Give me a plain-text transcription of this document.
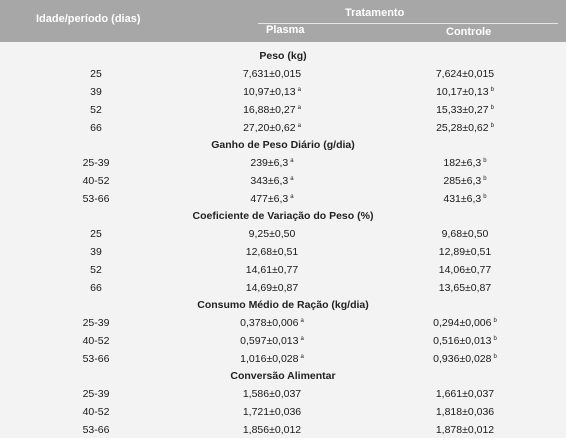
Idade/período (dias)	Tratamento
Plasma	Controle
Peso (kg)
25	7,631±0,015	7,624±0,015
39	10,97±0,13 $^a$	10,17±0,13 $^b$
52	16,88±0,27 $^a$	15,33±0,27 $^b$
66	27,20±0,62 $^a$	25,28±0,62 $^b$
Ganho de Peso Diário (g/dia)
25-39	239±6,3 $^a$	182±6,3 $^b$
40-52	343±6,3 $^a$	285±6,3 $^b$
53-66	477±6,3 $^a$	431±6,3 $^b$
Coeficiente de Variação do Peso (%)
25	9,25±0,50	9,68±0,50
39	12,68±0,51	12,89±0,51
52	14,61±0,77	14,06±0,77
66	14,69±0,87	13,65±0,87
Consumo Médio de Ração (kg/dia)
25-39	0,378±0,006 $^a$	0,294±0,006 $^b$
40-52	0,597±0,013 $^a$	0,516±0,013 $^b$
53-66	1,016±0,028 $^a$	0,936±0,028 $^b$
Conversão Alimentar
25-39	1,586±0,037	1,661±0,037
40-52	1,721±0,036	1,818±0,036
53-66	1,856±0,012	1,878±0,012
